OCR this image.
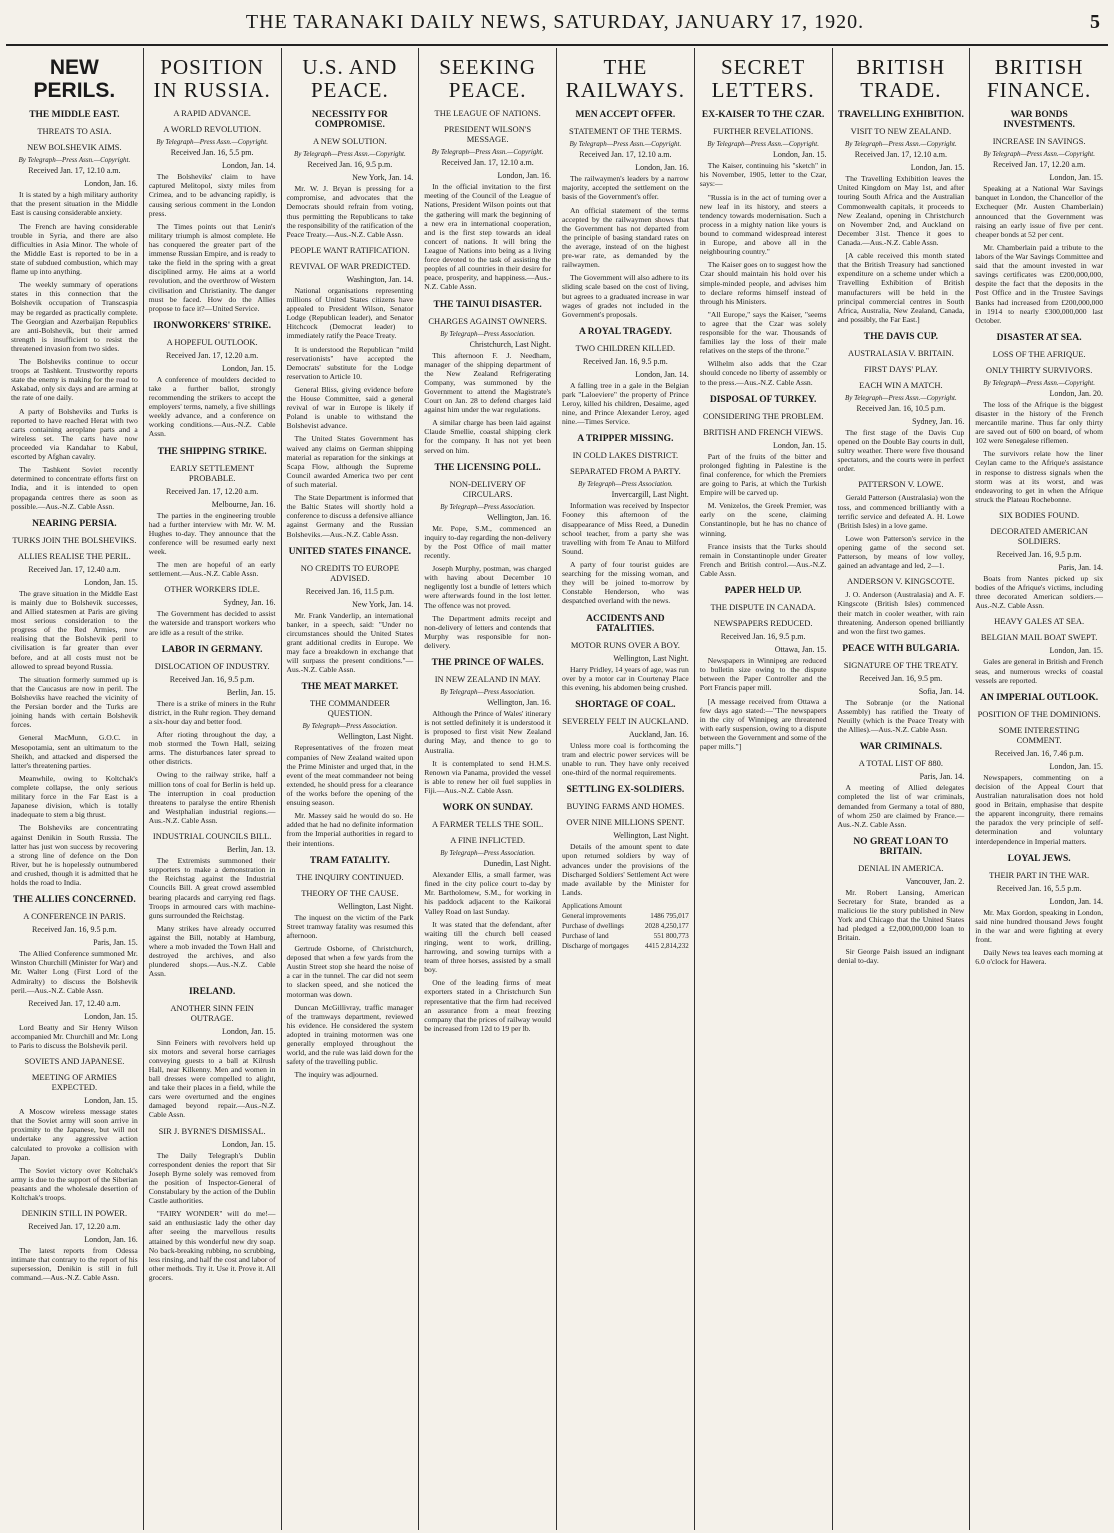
THE TARANAKI DAILY NEWS, SATURDAY, JANUARY 17, 1920.	5
NEW PERILS.
THE MIDDLE EAST.
THREATS TO ASIA.
NEW BOLSHEVIK AIMS.
By Telegraph—Press Assn.—Copyright.
Received Jan. 17, 12.10 a.m.
London, Jan. 16.

It is stated by a high military authority that the present situation in the Middle East is causing considerable anxiety.

The French are having considerable trouble in Syria, and there are also difficulties in Asia Minor. The whole of the Middle East is reported to be in a state of subdued combustion, which may flame up into anything.

The weekly summary of operations states in this connection that the Bolshevik occupation of Transcaspia may be regarded as practically complete. The Georgian and Azerbaijan Republics are anti-Bolshevik, but their armed strength is insufficient to resist the threatened invasion from two sides.

The Bolsheviks continue to occur troops at Tashkent. Trustworthy reports state the enemy is making for the road to Askabad, only six days and are arming at the rate of one daily.

A party of Bolsheviks and Turks is reported to have reached Herat with two carts containing aeroplane parts and a wireless set. The carts have now proceeded via Kandahar to Kabul, escorted by Afghan cavalry.

The Tashkent Soviet recently determined to concentrate efforts first on India, and it is intended to open propaganda centres there as soon as possible.—Aus.-N.Z. Cable Assn.

NEARING PERSIA.
TURKS JOIN THE BOLSHEVIKS.
ALLIES REALISE THE PERIL.
Received Jan. 17, 12.40 a.m.
London, Jan. 15.

The grave situation in the Middle East is mainly due to Bolshevik successes, and Allied statesmen at Paris are giving most serious consideration to the progress of the Red Armies, now realising that the Bolshevik peril to civilisation is far greater than ever before, and at all costs must not be allowed to spread beyond Russia.

The situation formerly summed up is that the Caucasus are now in peril. The Bolsheviks have reached the vicinity of the Persian border and the Turks are joining hands with certain Bolshevik forces.

General MacMunn, G.O.C. in Mesopotamia, sent an ultimatum to the Sheikh, and attacked and dispersed the latter's threatening parties.

Meanwhile, owing to Koltchak's complete collapse, the only serious military force in the Far East is a Japanese division, which is totally inadequate to stem a big thrust.

The Bolsheviks are concentrating against Denikin in South Russia. The latter has just won success by recovering a strong line of defence on the Don River, but he is hopelessly outnumbered and crushed, though it is admitted that he holds the road to India.

THE ALLIES CONCERNED.
A CONFERENCE IN PARIS.
Received Jan. 16, 9.5 p.m.
Paris, Jan. 15.

The Allied Conference summoned Mr. Winston Churchill (Minister for War) and Mr. Walter Long (First Lord of the Admiralty) to discuss the Bolshevik peril.—Aus.-N.Z. Cable Assn.

Received Jan. 17, 12.40 a.m.
London, Jan. 15.

Lord Beatty and Sir Henry Wilson accompanied Mr. Churchill and Mr. Long to Paris to discuss the Bolshevik peril.

SOVIETS AND JAPANESE.
MEETING OF ARMIES EXPECTED.
London, Jan. 15.

A Moscow wireless message states that the Soviet army will soon arrive in proximity to the Japanese, but will not undertake any aggressive action calculated to provoke a collision with Japan.

The Soviet victory over Koltchak's army is due to the support of the Siberian peasants and the wholesale desertion of Koltchak's troops.

DENIKIN STILL IN POWER.
Received Jan. 17, 12.20 a.m.
London, Jan. 16.

The latest reports from Odessa intimate that contrary to the report of his supersession, Denikin is still in full command.—Aus.-N.Z. Cable Assn.

POSITION IN RUSSIA.
A RAPID ADVANCE.
A WORLD REVOLUTION.
By Telegraph—Press Assn.—Copyright.
Received Jan. 16, 5.5 pm.
London, Jan. 14.

The Bolsheviks' claim to have captured Melitopol, sixty miles from Crimea, and to be advancing rapidly, is causing serious comment in the London press.

The Times points out that Lenin's military triumph is almost complete. He has conquered the greater part of the immense Russian Empire, and is ready to take the field in the spring with a great disciplined army. He aims at a world revolution, and the overthrow of Western civilisation and Christianity. The danger must be faced. How do the Allies propose to face it?—United Service.

IRONWORKERS' STRIKE.
A HOPEFUL OUTLOOK.
Received Jan. 17, 12.20 a.m.
London, Jan. 15.

A conference of moulders decided to take a further ballot, strongly recommending the strikers to accept the employers' terms, namely, a five shillings weekly advance, and a conference on working conditions.—Aus.-N.Z. Cable Assn.

THE SHIPPING STRIKE.
EARLY SETTLEMENT PROBABLE.
Received Jan. 17, 12.20 a.m.
Melbourne, Jan. 16.

The parties in the engineering trouble had a further interview with Mr. W. M. Hughes to-day. They announce that the conference will be resumed early next week.

The men are hopeful of an early settlement.—Aus.-N.Z. Cable Assn.

OTHER WORKERS IDLE.
Sydney, Jan. 16.

The Government has decided to assist the waterside and transport workers who are idle as a result of the strike.

LABOR IN GERMANY.
DISLOCATION OF INDUSTRY.
Received Jan. 16, 9.5 p.m.
Berlin, Jan. 15.

There is a strike of miners in the Ruhr district, in the Ruhr region. They demand a six-hour day and better food.

After rioting throughout the day, a mob stormed the Town Hall, seizing arms. The disturbances later spread to other districts.

Owing to the railway strike, half a million tons of coal for Berlin is held up. The interruption in coal production threatens to paralyse the entire Rhenish and Westphalian industrial regions.—Aus.-N.Z. Cable Assn.

INDUSTRIAL COUNCILS BILL.
Berlin, Jan. 13.

The Extremists summoned their supporters to make a demonstration in the Reichstag against the Industrial Councils Bill. A great crowd assembled bearing placards and carrying red flags. Troops in armoured cars with machine-guns surrounded the Reichstag.

Many strikes have already occurred against the Bill, notably at Hamburg, where a mob invaded the Town Hall and destroyed the archives, and also plundered shops.—Aus.-N.Z. Cable Assn.

IRELAND.
ANOTHER SINN FEIN OUTRAGE.
London, Jan. 15.

Sinn Feiners with revolvers held up six motors and several horse carriages conveying guests to a ball at Kilrush Hall, near Kilkenny. Men and women in ball dresses were compelled to alight, and take their places in a field, while the cars were overturned and the engines damaged beyond repair.—Aus.-N.Z. Cable Assn.

SIR J. BYRNE'S DISMISSAL.
London, Jan. 15.

The Daily Telegraph's Dublin correspondent denies the report that Sir Joseph Byrne solely was removed from the position of Inspector-General of Constabulary by the action of the Dublin Castle authorities.

"FAIRY WONDER" will do me!—said an enthusiastic lady the other day after seeing the marvellous results attained by this wonderful new dry soap. No back-breaking rubbing, no scrubbing, less rinsing, and half the cost and labor of other methods. Try it. Use it. Prove it. All grocers.

U.S. AND PEACE.
NECESSITY FOR COMPROMISE.
A NEW SOLUTION.
By Telegraph—Press Assn.—Copyright.
Received Jan. 16, 9.5 p.m.
New York, Jan. 14.

Mr. W. J. Bryan is pressing for a compromise, and advocates that the Democrats should refrain from voting, thus permitting the Republicans to take the responsibility of the ratification of the Peace Treaty.—Aus.-N.Z. Cable Assn.

PEOPLE WANT RATIFICATION.
REVIVAL OF WAR PREDICTED.
Washington, Jan. 14.

National organisations representing millions of United States citizens have appealed to President Wilson, Senator Lodge (Republican leader), and Senator Hitchcock (Democrat leader) to immediately ratify the Peace Treaty.

It is understood the Republican "mild reservationists" have accepted the Democrats' substitute for the Lodge reservation to Article 10.

General Bliss, giving evidence before the House Committee, said a general revival of war in Europe is likely if Poland is unable to withstand the Bolshevist advance.

The United States Government has waived any claims on German shipping material as reparation for the sinkings at Scapa Flow, although the Supreme Council awarded America two per cent of such material.

The State Department is informed that the Baltic States will shortly hold a conference to discuss a defensive alliance against Germany and the Russian Bolsheviks.—Aus.-N.Z. Cable Assn.

UNITED STATES FINANCE.
NO CREDITS TO EUROPE ADVISED.
Received Jan. 16, 11.5 p.m.
New York, Jan. 14.

Mr. Frank Vanderlip, an international banker, in a speech, said: "Under no circumstances should the United States grant additional credits in Europe. We may face a breakdown in exchange that will surpass the present conditions."—Aus.-N.Z. Cable Assn.

THE MEAT MARKET.
THE COMMANDEER QUESTION.
By Telegraph—Press Association.
Wellington, Last Night.

Representatives of the frozen meat companies of New Zealand waited upon the Prime Minister and urged that, in the event of the meat commandeer not being extended, he should press for a clearance of the works before the opening of the ensuing season.

Mr. Massey said he would do so. He added that he had no definite information from the Imperial authorities in regard to their intentions.

TRAM FATALITY.
THE INQUIRY CONTINUED.
THEORY OF THE CAUSE.
Wellington, Last Night.

The inquest on the victim of the Park Street tramway fatality was resumed this afternoon.

Gertrude Osborne, of Christchurch, deposed that when a few yards from the Austin Street stop she heard the noise of a car in the tunnel. The car did not seem to slacken speed, and she noticed the motorman was down.

Duncan McGillivray, traffic manager of the tramways department, reviewed his evidence. He considered the system adopted in training motormen was one generally employed throughout the world, and the rule was laid down for the safety of the travelling public.

The inquiry was adjourned.

SEEKING PEACE.
THE LEAGUE OF NATIONS.
PRESIDENT WILSON'S MESSAGE.
By Telegraph—Press Assn.—Copyright.
Received Jan. 17, 12.10 a.m.
London, Jan. 16.

In the official invitation to the first meeting of the Council of the League of Nations, President Wilson points out that the gathering will mark the beginning of a new era in international cooperation, and is the first step towards an ideal concert of nations. It will bring the League of Nations into being as a living force devoted to the task of assisting the peoples of all countries in their desire for peace, prosperity, and happiness.—Aus.-N.Z. Cable Assn.

THE TAINUI DISASTER.
CHARGES AGAINST OWNERS.
By Telegraph—Press Association.
Christchurch, Last Night.

This afternoon F. J. Needham, manager of the shipping department of the New Zealand Refrigerating Company, was summoned by the Government to attend the Magistrate's Court on Jan. 28 to defend charges laid against him under the war regulations.

A similar charge has been laid against Claude Smellie, coastal shipping clerk for the company. It has not yet been served on him.

THE LICENSING POLL.
NON-DELIVERY OF CIRCULARS.
By Telegraph—Press Association.
Wellington, Jan. 16.

Mr. Pope, S.M., commenced an inquiry to-day regarding the non-delivery by the Post Office of mail matter recently.

Joseph Murphy, postman, was charged with having about December 10 negligently lost a bundle of letters which were afterwards found in the lost letter. The offence was not proved.

The Department admits receipt and non-delivery of letters and contends that Murphy was responsible for non-delivery.

THE PRINCE OF WALES.
IN NEW ZEALAND IN MAY.
By Telegraph—Press Association.
Wellington, Jan. 16.

Although the Prince of Wales' itinerary is not settled definitely it is understood it is proposed to first visit New Zealand during May, and thence to go to Australia.

It is contemplated to send H.M.S. Renown via Panama, provided the vessel is able to renew her oil fuel supplies in Fiji.—Aus.-N.Z. Cable Assn.

WORK ON SUNDAY.
A FARMER TELLS THE SOIL.
A FINE INFLICTED.
By Telegraph—Press Association.
Dunedin, Last Night.

Alexander Ellis, a small farmer, was fined in the city police court to-day by Mr. Bartholomew, S.M., for working in his paddock adjacent to the Kaikorai Valley Road on last Sunday.

It was stated that the defendant, after waiting till the church bell ceased ringing, went to work, drilling, harrowing, and sowing turnips with a team of three horses, assisted by a small boy.

One of the leading firms of meat exporters stated in a Christchurch Sun representative that the firm had received an assurance from a meat freezing company that the prices of railway would be increased from 12d to 19 per lb.

THE RAILWAYS.
MEN ACCEPT OFFER.
STATEMENT OF THE TERMS.
By Telegraph—Press Assn.—Copyright.
Received Jan. 17, 12.10 a.m.
London, Jan. 16.

The railwaymen's leaders by a narrow majority, accepted the settlement on the basis of the Government's offer.

An official statement of the terms accepted by the railwaymen shows that the Government has not departed from the principle of basing standard rates on the average, instead of on the highest pre-war rate, as demanded by the railwaymen.

The Government will also adhere to its sliding scale based on the cost of living, but agrees to a graduated increase in war wages of grades not included in the Government's proposals.

A ROYAL TRAGEDY.
TWO CHILDREN KILLED.
Received Jan. 16, 9.5 p.m.
London, Jan. 14.

A falling tree in a gale in the Belgian park "Laloeviere" the property of Prince Leroy, killed his children, Desaime, aged nine, and Prince Alexander Leroy, aged nine.—Times Service.

A TRIPPER MISSING.
IN COLD LAKES DISTRICT.
SEPARATED FROM A PARTY.
By Telegraph—Press Association.
Invercargill, Last Night.

Information was received by Inspector Fooney this afternoon of the disappearance of Miss Reed, a Dunedin school teacher, from a party she was travelling with from Te Anau to Milford Sound.

A party of four tourist guides are searching for the missing woman, and they will be joined to-morrow by Constable Henderson, who was despatched overland with the news.

ACCIDENTS AND FATALITIES.
MOTOR RUNS OVER A BOY.
Wellington, Last Night.

Harry Pridley, 14 years of age, was run over by a motor car in Courtenay Place this evening, his abdomen being crushed.

SHORTAGE OF COAL.
SEVERELY FELT IN AUCKLAND.
Auckland, Jan. 16.

Unless more coal is forthcoming the tram and electric power services will be unable to run. They have only received one-third of the normal requirements.

SETTLING EX-SOLDIERS.
BUYING FARMS AND HOMES.
OVER NINE MILLIONS SPENT.
Wellington, Last Night.

Details of the amount spent to date upon returned soldiers by way of advances under the provisions of the Discharged Soldiers' Settlement Act were made available by the Minister for Lands.

Applications Amount	
General improvements	1486 795,017
Purchase of dwellings	2028 4,250,177
Purchase of land	551 800,773
Discharge of mortgages	4415 2,814,232
SECRET LETTERS.
EX-KAISER TO THE CZAR.
FURTHER REVELATIONS.
By Telegraph—Press Assn.—Copyright.
London, Jan. 15.

The Kaiser, continuing his "sketch" in his November, 1905, letter to the Czar, says:—

"Russia is in the act of turning over a new leaf in its history, and steers a tendency towards modernisation. Such a process in a mighty nation like yours is bound to command widespread interest in Europe, and above all in the neighbouring country."

The Kaiser goes on to suggest how the Czar should maintain his hold over his simple-minded people, and advises him to declare reforms himself instead of through his Ministers.

"All Europe," says the Kaiser, "seems to agree that the Czar was solely responsible for the war. Thousands of families lay the loss of their male relatives on the steps of the throne."

Wilhelm also adds that the Czar should concede no liberty of assembly or to the press.—Aus.-N.Z. Cable Assn.

DISPOSAL OF TURKEY.
CONSIDERING THE PROBLEM.
BRITISH AND FRENCH VIEWS.
London, Jan. 15.

Part of the fruits of the bitter and prolonged fighting in Palestine is the final conference, for which the Premiers are going to Paris, at which the Turkish Empire will be carved up.

M. Venizelos, the Greek Premier, was early on the scene, claiming Constantinople, but he has no chance of winning.

France insists that the Turks should remain in Constantinople under Greater French and British control.—Aus.-N.Z. Cable Assn.

PAPER HELD UP.
THE DISPUTE IN CANADA.
NEWSPAPERS REDUCED.
Received Jan. 16, 9.5 p.m.
Ottawa, Jan. 15.

Newspapers in Winnipeg are reduced to bulletin size owing to the dispute between the Paper Controller and the Port Francis paper mill.

[A message received from Ottawa a few days ago stated:—"The newspapers in the city of Winnipeg are threatened with early suspension, owing to a dispute between the Government and some of the paper mills."]

BRITISH TRADE.
TRAVELLING EXHIBITION.
VISIT TO NEW ZEALAND.
By Telegraph—Press Assn.—Copyright.
Received Jan. 17, 12.10 a.m.
London, Jan. 15.

The Travelling Exhibition leaves the United Kingdom on May 1st, and after touring South Africa and the Australian Commonwealth capitals, it proceeds to New Zealand, opening in Christchurch on November 2nd, and Auckland on December 31st. Thence it goes to Canada.—Aus.-N.Z. Cable Assn.

[A cable received this month stated that the British Treasury had sanctioned expenditure on a scheme under which a Travelling Exhibition of British manufacturers will be held in the principal commercial centres in South Africa, Australia, New Zealand, Canada, and possibly, the Far East.]

THE DAVIS CUP.
AUSTRALASIA V. BRITAIN.
FIRST DAYS' PLAY.
EACH WIN A MATCH.
By Telegraph—Press Assn.—Copyright.
Received Jan. 16, 10.5 p.m.
Sydney, Jan. 16.

The first stage of the Davis Cup opened on the Double Bay courts in dull, sultry weather. There were five thousand spectators, and the courts were in perfect order.

PATTERSON V. LOWE.

Gerald Patterson (Australasia) won the toss, and commenced brilliantly with a terrific service and defeated A. H. Lowe (British Isles) in a love game.

Lowe won Patterson's service in the opening game of the second set. Patterson, by means of low volley, gained an advantage and led, 2—1.

ANDERSON V. KINGSCOTE.

J. O. Anderson (Australasia) and A. F. Kingscote (British Isles) commenced their match in cooler weather, with rain threatening. Anderson opened brilliantly and won the first two games.

PEACE WITH BULGARIA.
SIGNATURE OF THE TREATY.
Received Jan. 16, 9.5 pm.
Sofia, Jan. 14.

The Sobranje (or the National Assembly) has ratified the Treaty of Neuilly (which is the Peace Treaty with the Allies).—Aus.-N.Z. Cable Assn.

WAR CRIMINALS.
A TOTAL LIST OF 880.
Paris, Jan. 14.

A meeting of Allied delegates completed the list of war criminals, demanded from Germany a total of 880, of whom 250 are claimed by France.—Aus.-N.Z. Cable Assn.

NO GREAT LOAN TO BRITAIN.
DENIAL IN AMERICA.
Vancouver, Jan. 2.

Mr. Robert Lansing, American Secretary for State, branded as a malicious lie the story published in New York and Chicago that the United States had pledged a £2,000,000,000 loan to Britain.

Sir George Paish issued an indignant denial to-day.

BRITISH FINANCE.
WAR BONDS INVESTMENTS.
INCREASE IN SAVINGS.
By Telegraph—Press Assn.—Copyright.
Received Jan. 17, 12.20 a.m.
London, Jan. 15.

Speaking at a National War Savings banquet in London, the Chancellor of the Exchequer (Mr. Austen Chamberlain) announced that the Government was raising an early issue of five per cent. cheaper bonds at 52 per cent.

Mr. Chamberlain paid a tribute to the labors of the War Savings Committee and said that the amount invested in war savings certificates was £200,000,000, despite the fact that the deposits in the Post Office and in the Trustee Savings Banks had increased from £200,000,000 in 1914 to nearly £300,000,000 last October.

DISASTER AT SEA.
LOSS OF THE AFRIQUE.
ONLY THIRTY SURVIVORS.
By Telegraph—Press Assn.—Copyright.
London, Jan. 20.

The loss of the Afrique is the biggest disaster in the history of the French mercantile marine. Thus far only thirty are saved out of 600 on board, of whom 102 were Senegalese riflemen.

The survivors relate how the liner Ceylan came to the Afrique's assistance in response to distress signals when the storm was at its worst, and was endeavoring to get in when the Afrique struck the Plateau Rochebonne.

SIX BODIES FOUND.
DECORATED AMERICAN SOLDIERS.
Received Jan. 16, 9.5 p.m.
Paris, Jan. 14.

Boats from Nantes picked up six bodies of the Afrique's victims, including three decorated American soldiers.—Aus.-N.Z. Cable Assn.

HEAVY GALES AT SEA.
BELGIAN MAIL BOAT SWEPT.
London, Jan. 15.

Gales are general in British and French seas, and numerous wrecks of coastal vessels are reported.

AN IMPERIAL OUTLOOK.
POSITION OF THE DOMINIONS.
SOME INTERESTING COMMENT.
Received Jan. 16, 7.46 p.m.
London, Jan. 15.

Newspapers, commenting on a decision of the Appeal Court that Australian naturalisation does not hold good in Britain, emphasise that despite the apparent incongruity, there remains the paradox the very principle of self-determination and voluntary interdependence in Imperial matters.

LOYAL JEWS.
THEIR PART IN THE WAR.
Received Jan. 16, 5.5 p.m.
London, Jan. 14.

Mr. Max Gordon, speaking in London, said nine hundred thousand Jews fought in the war and were fighting at every front.

Daily News tea leaves each morning at 6.0 o'clock for Hawera.
